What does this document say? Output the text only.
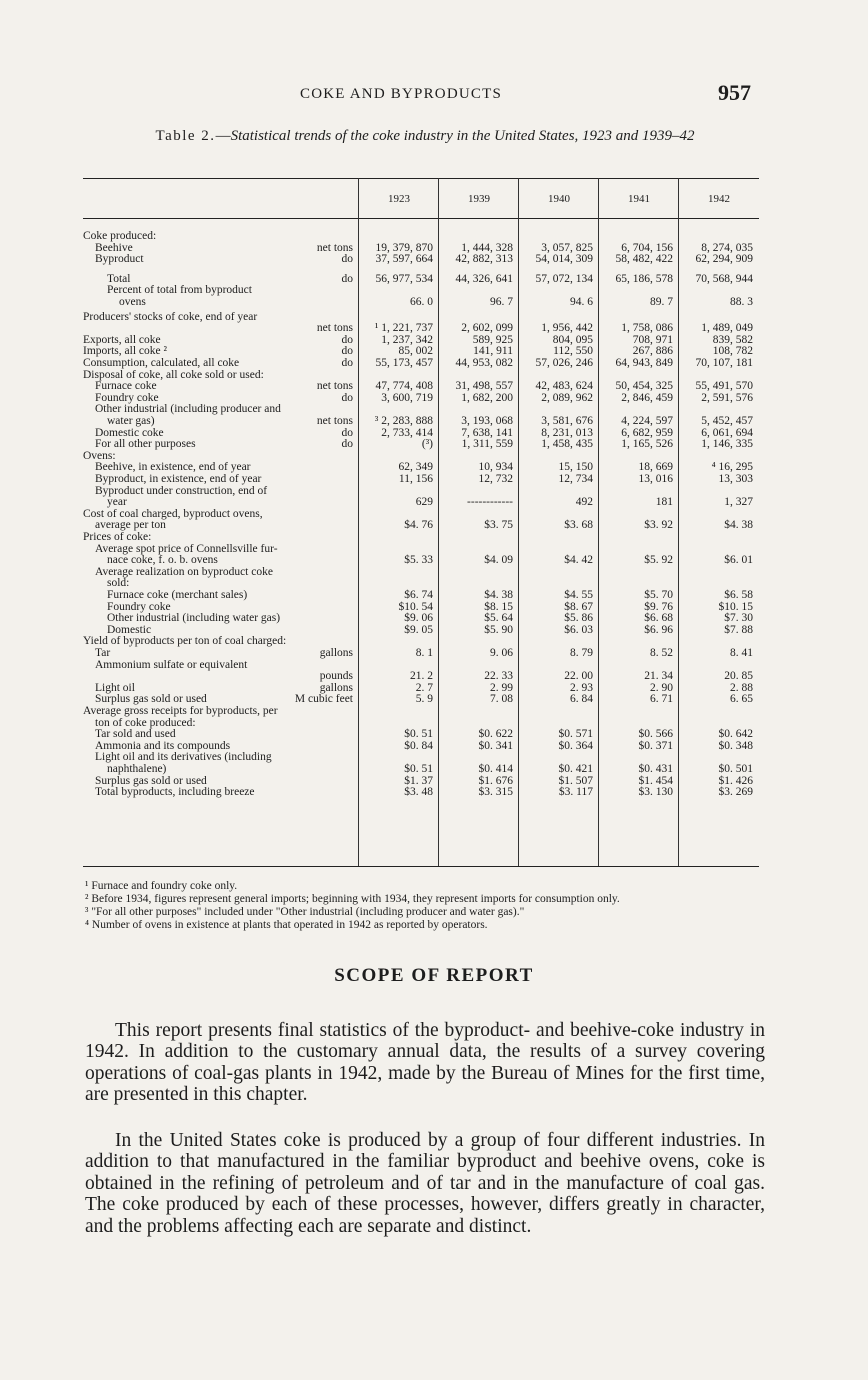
COKE AND BYPRODUCTS	957
Table 2.—Statistical trends of the coke industry in the United States, 1923 and 1939–42
1923	1939	1940	1941	1942
Coke produced:
Beehive	net tons	19, 379, 870	1, 444, 328	3, 057, 825	6, 704, 156	8, 274, 035
Byproduct	do	37, 597, 664	42, 882, 313	54, 014, 309	58, 482, 422	62, 294, 909
Total	do	56, 977, 534	44, 326, 641	57, 072, 134	65, 186, 578	70, 568, 944
Percent of total from byproduct
ovens	66. 0	96. 7	94. 6	89. 7	88. 3
Producers' stocks of coke, end of year
net tons	¹ 1, 221, 737	2, 602, 099	1, 956, 442	1, 758, 086	1, 489, 049
Exports, all coke	do	1, 237, 342	589, 925	804, 095	708, 971	839, 582
Imports, all coke ²	do	85, 002	141, 911	112, 550	267, 886	108, 782
Consumption, calculated, all coke	do	55, 173, 457	44, 953, 082	57, 026, 246	64, 943, 849	70, 107, 181
Disposal of coke, all coke sold or used:
Furnace coke	net tons	47, 774, 408	31, 498, 557	42, 483, 624	50, 454, 325	55, 491, 570
Foundry coke	do	3, 600, 719	1, 682, 200	2, 089, 962	2, 846, 459	2, 591, 576
Other industrial (including producer and
water gas)	net tons	³ 2, 283, 888	3, 193, 068	3, 581, 676	4, 224, 597	5, 452, 457
Domestic coke	do	2, 733, 414	7, 638, 141	8, 231, 013	6, 682, 959	6, 061, 694
For all other purposes	do	(³)	1, 311, 559	1, 458, 435	1, 165, 526	1, 146, 335
Ovens:
Beehive, in existence, end of year	62, 349	10, 934	15, 150	18, 669	⁴ 16, 295
Byproduct, in existence, end of year	11, 156	12, 732	12, 734	13, 016	13, 303
Byproduct under construction, end of
year	629	------------	492	181	1, 327
Cost of coal charged, byproduct ovens,
average per ton	$4. 76	$3. 75	$3. 68	$3. 92	$4. 38
Prices of coke:
Average spot price of Connellsville fur-
nace coke, f. o. b. ovens	$5. 33	$4. 09	$4. 42	$5. 92	$6. 01
Average realization on byproduct coke
sold:
Furnace coke (merchant sales)	$6. 74	$4. 38	$4. 55	$5. 70	$6. 58
Foundry coke	$10. 54	$8. 15	$8. 67	$9. 76	$10. 15
Other industrial (including water gas)	$9. 06	$5. 64	$5. 86	$6. 68	$7. 30
Domestic	$9. 05	$5. 90	$6. 03	$6. 96	$7. 88
Yield of byproducts per ton of coal charged:
Tar	gallons	8. 1	9. 06	8. 79	8. 52	8. 41
Ammonium sulfate or equivalent
pounds	21. 2	22. 33	22. 00	21. 34	20. 85
Light oil	gallons	2. 7	2. 99	2. 93	2. 90	2. 88
Surplus gas sold or used	M cubic feet	5. 9	7. 08	6. 84	6. 71	6. 65
Average gross receipts for byproducts, per
ton of coke produced:
Tar sold and used	$0. 51	$0. 622	$0. 571	$0. 566	$0. 642
Ammonia and its compounds	$0. 84	$0. 341	$0. 364	$0. 371	$0. 348
Light oil and its derivatives (including
naphthalene)	$0. 51	$0. 414	$0. 421	$0. 431	$0. 501
Surplus gas sold or used	$1. 37	$1. 676	$1. 507	$1. 454	$1. 426
Total byproducts, including breeze	$3. 48	$3. 315	$3. 117	$3. 130	$3. 269

¹ Furnace and foundry coke only.

² Before 1934, figures represent general imports; beginning with 1934, they represent imports for consumption only.

³ "For all other purposes" included under "Other industrial (including producer and water gas)."

⁴ Number of ovens in existence at plants that operated in 1942 as reported by operators.

SCOPE OF REPORT

This report presents final statistics of the byproduct- and beehive-coke industry in 1942. In addition to the customary annual data, the results of a survey covering operations of coal-gas plants in 1942, made by the Bureau of Mines for the first time, are presented in this chapter.

In the United States coke is produced by a group of four different industries. In addition to that manufactured in the familiar byproduct and beehive ovens, coke is obtained in the refining of petroleum and of tar and in the manufacture of coal gas. The coke produced by each of these processes, however, differs greatly in character, and the problems affecting each are separate and distinct.
